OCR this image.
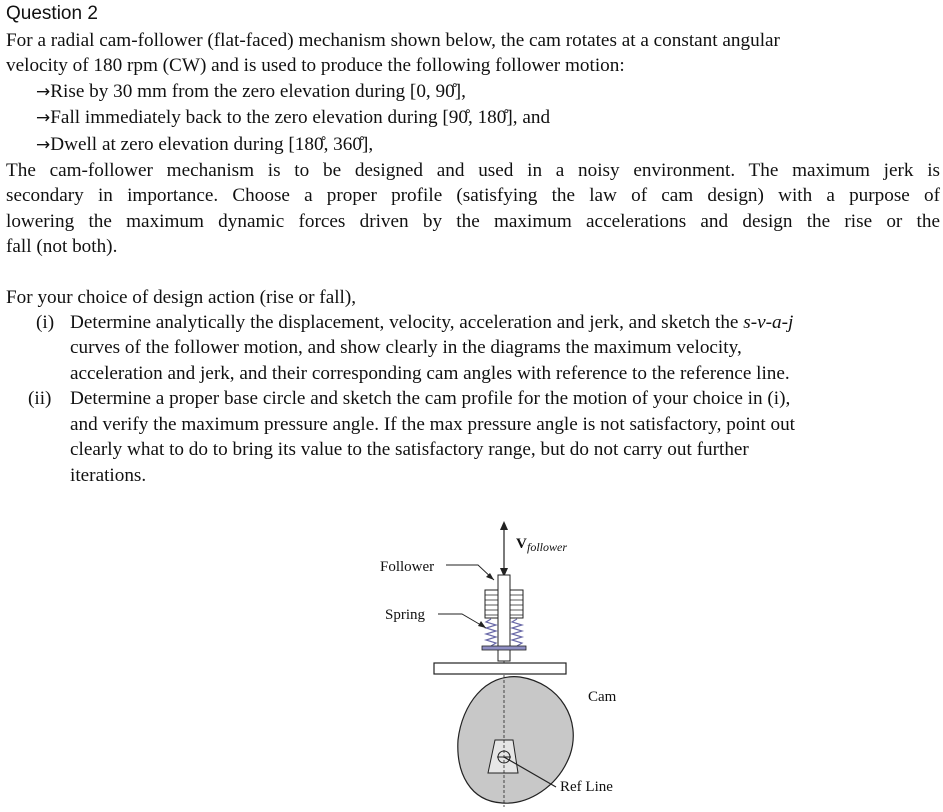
Question 2
For a radial cam-follower (flat-faced) mechanism shown below, the cam rotates at a constant angular
velocity of 180 rpm (CW) and is used to produce the following follower motion:
→Rise by 30 mm from the zero elevation during [0, 90̊],
→Fall immediately back to the zero elevation during [90̊, 180̊], and
→Dwell at zero elevation during [180̊, 360̊],
The cam-follower mechanism is to be designed and used in a noisy environment. The maximum jerk is
secondary in importance. Choose a proper profile (satisfying the law of cam design) with a purpose of
lowering the maximum dynamic forces driven by the maximum accelerations and design the rise or the
fall (not both).
For your choice of design action (rise or fall),
(i) Determine analytically the displacement, velocity, acceleration and jerk, and sketch the s-v-a-j
curves of the follower motion, and show clearly in the diagrams the maximum velocity,
acceleration and jerk, and their corresponding cam angles with reference to the reference line.
(ii) Determine a proper base circle and sketch the cam profile for the motion of your choice in (i),
and verify the maximum pressure angle. If the max pressure angle is not satisfactory, point out
clearly what to do to bring its value to the satisfactory range, but do not carry out further
iterations.
Follower
Spring
Cam
Ref Line
V follower
